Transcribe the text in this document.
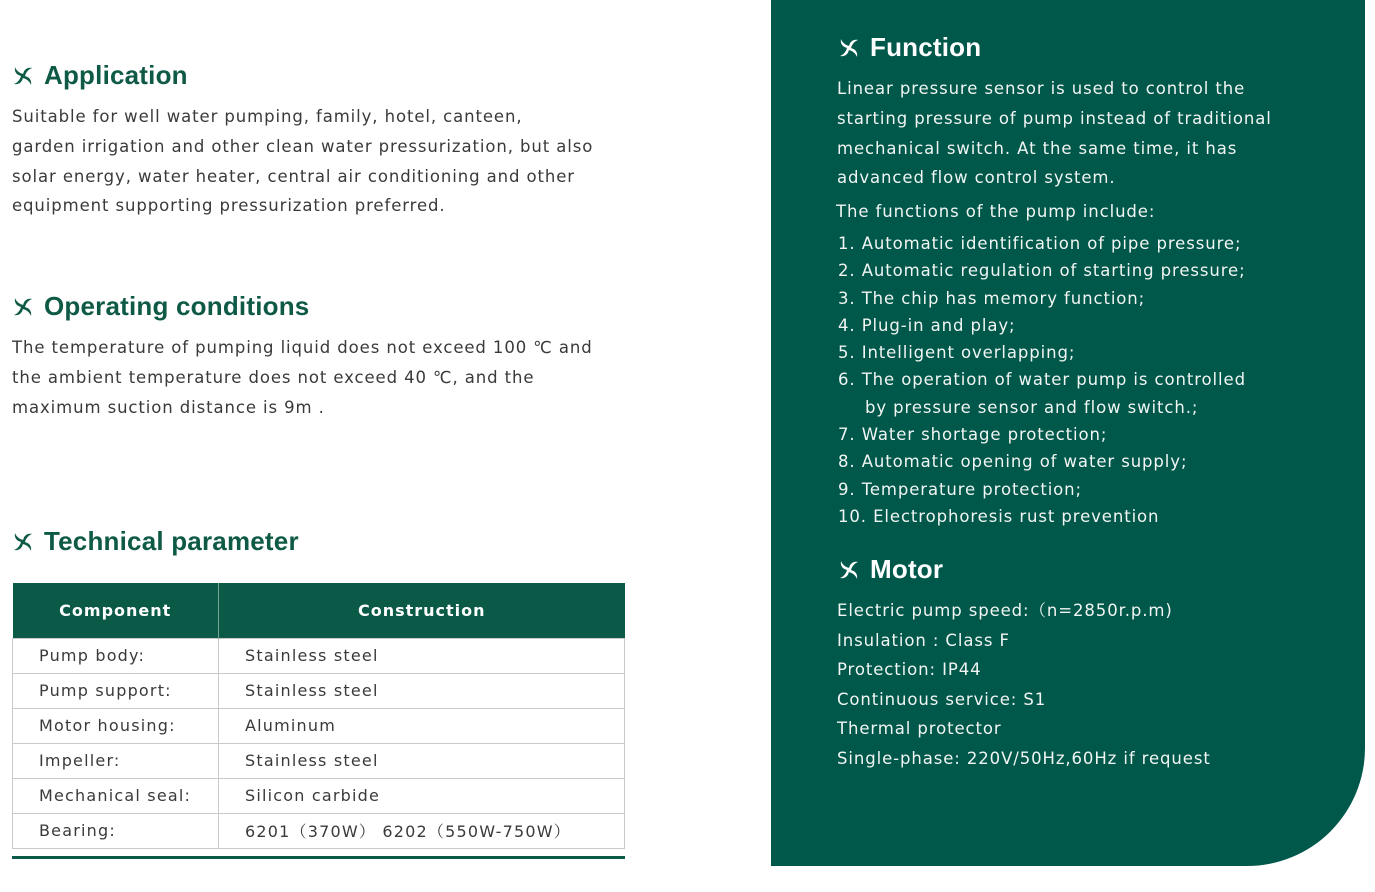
Application
Suitable for well water pumping, family, hotel, canteen,
garden irrigation and other clean water pressurization, but also
solar energy, water heater, central air conditioning and other
equipment supporting pressurization preferred.
Operating conditions
The temperature of pumping liquid does not exceed 100 ℃ and
the ambient temperature does not exceed 40 ℃, and the
maximum suction distance is 9m .
Technical parameter
Component	Construction
Pump body:	Stainless steel
Pump support:	Stainless steel
Motor housing:	Aluminum
Impeller:	Stainless steel
Mechanical seal:	Silicon carbide
Bearing:	6201（370W） 6202（550W-750W）
Function
Linear pressure sensor is used to control the
starting pressure of pump instead of traditional
mechanical switch. At the same time, it has
advanced flow control system.
The functions of the pump include:
1. Automatic identification of pipe pressure;
2. Automatic regulation of starting pressure;
3. The chip has memory function;
4. Plug-in and play;
5. Intelligent overlapping;
6. The operation of water pump is controlled
by pressure sensor and flow switch.;
7. Water shortage protection;
8. Automatic opening of water supply;
9. Temperature protection;
10. Electrophoresis rust prevention
Motor
Electric pump speed:（n=2850r.p.m)
Insulation : Class F
Protection: IP44
Continuous service: S1
Thermal protector
Single-phase: 220V/50Hz,60Hz if request
